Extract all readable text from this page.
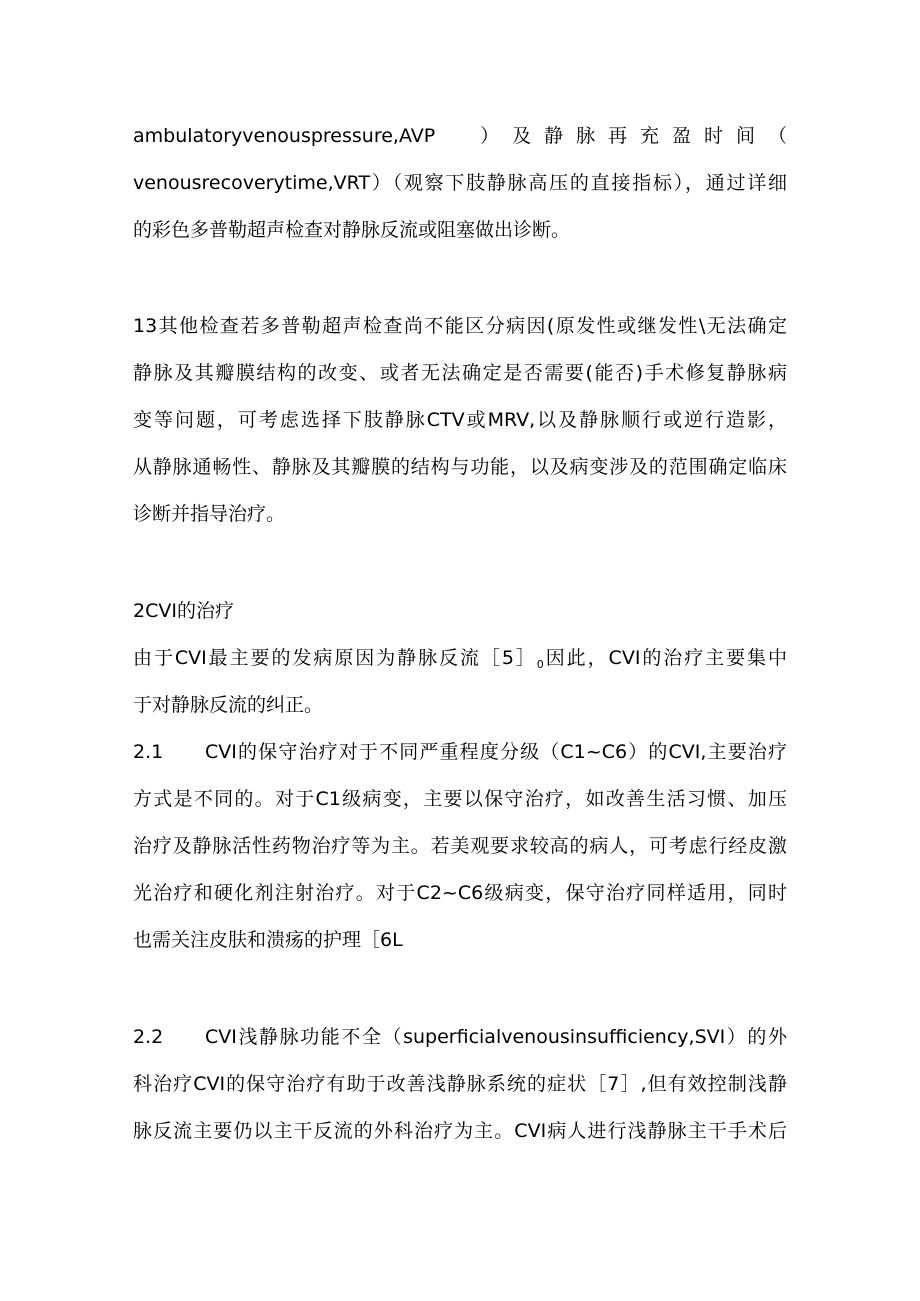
ambulatoryvenouspressure,AVP　）及静脉再充盈时间（
venousrecoverytime,VRT）（观察下肢静脉高压的直接指标），通过详细
的彩色多普勒超声检查对静脉反流或阻塞做出诊断。
13其他检查若多普勒超声检查尚不能区分病因(原发性或继发性\无法确定
静脉及其瓣膜结构的改变、或者无法确定是否需要(能否)手术修复静脉病
变等问题，可考虑选择下肢静脉CTV或MRV,以及静脉顺行或逆行造影，
从静脉通畅性、静脉及其瓣膜的结构与功能，以及病变涉及的范围确定临床
诊断并指导治疗。
2CVI的治疗
由于CVI最主要的发病原因为静脉反流$[5]_0$因此，CVI的治疗主要集中
于对静脉反流的纠正。
2.1 CVI的保守治疗对于不同严重程度分级（C1~C6）的CVI,主要治疗
方式是不同的。对于C1级病变，主要以保守治疗，如改善生活习惯、加压
治疗及静脉活性药物治疗等为主。若美观要求较高的病人，可考虑行经皮激
光治疗和硬化剂注射治疗。对于C2~C6级病变，保守治疗同样适用，同时
也需关注皮肤和溃疡的护理［6L
2.2 CVI浅静脉功能不全（superficialvenousinsufficiency,SVI）的外
科治疗CVI的保守治疗有助于改善浅静脉系统的症状［7］,但有效控制浅静
脉反流主要仍以主干反流的外科治疗为主。CVI病人进行浅静脉主干手术后
